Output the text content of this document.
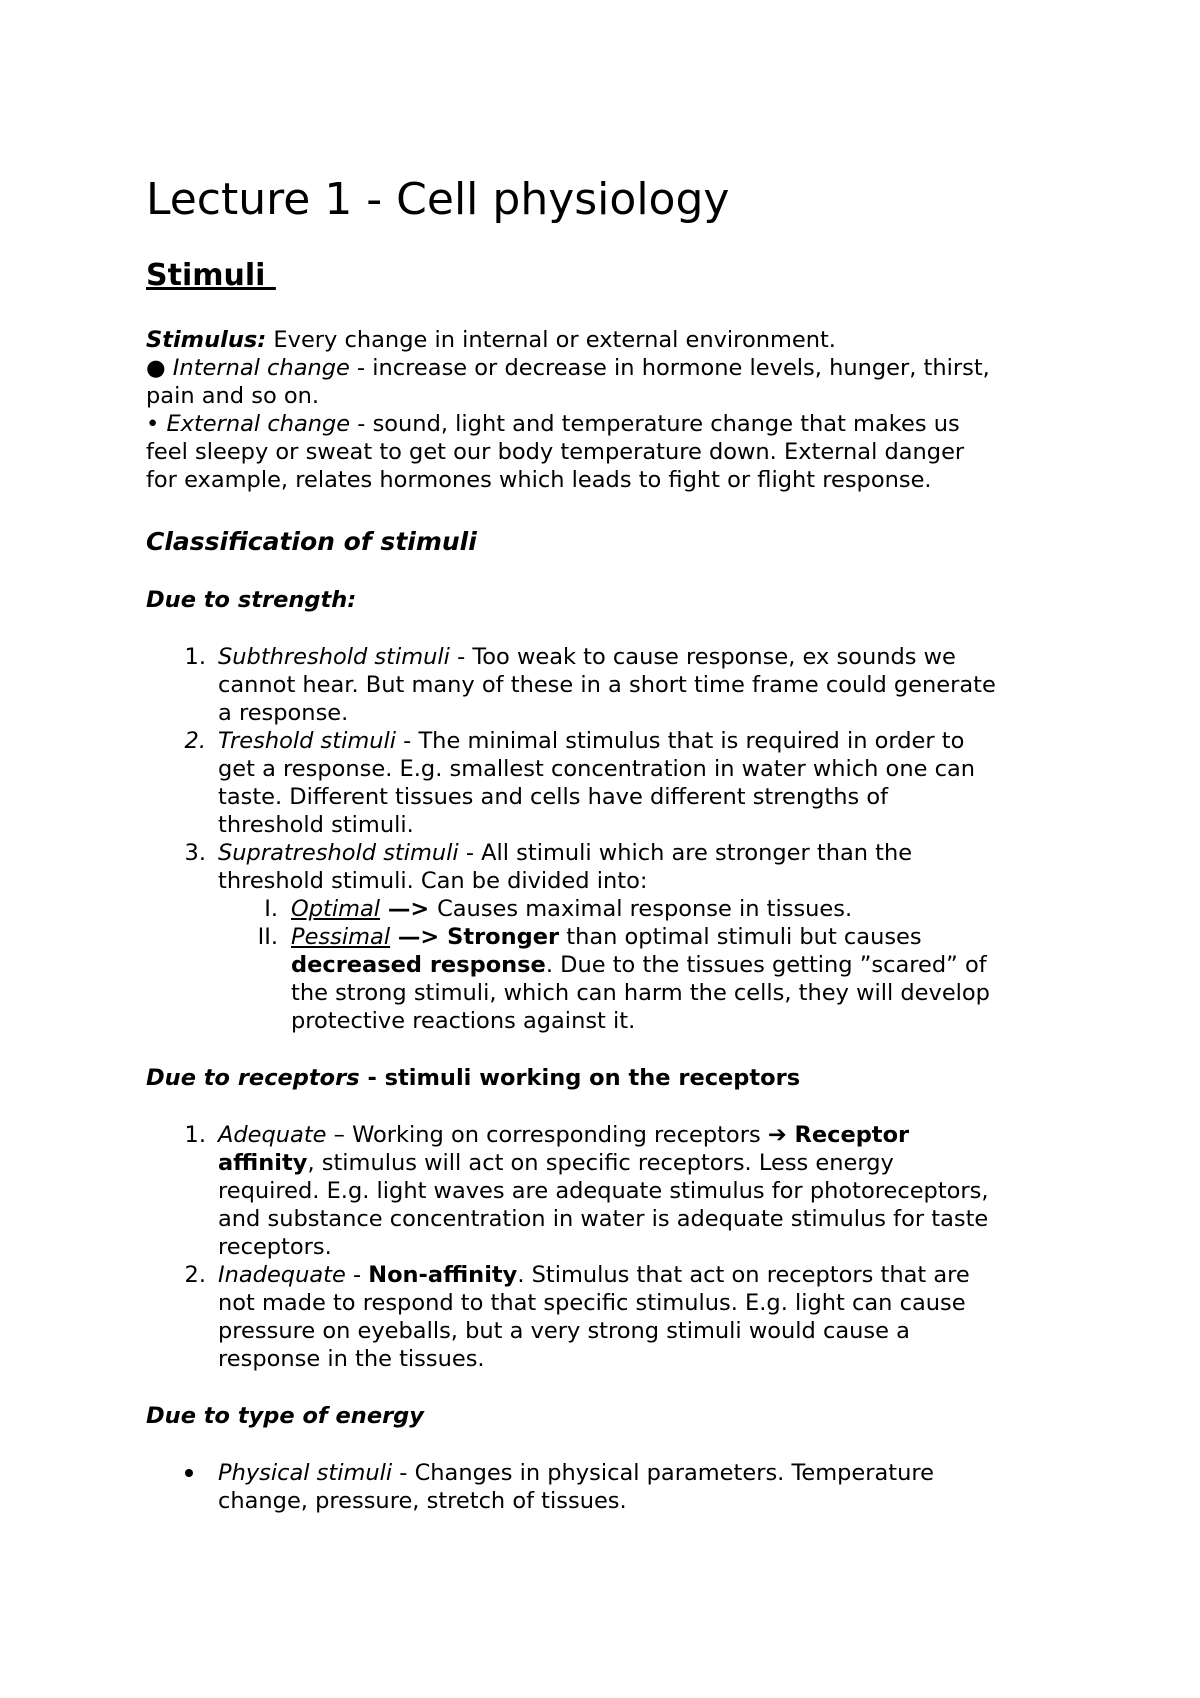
Lecture 1 - Cell physiology
Stimuli

Stimulus: Every change in internal or external environment.

● Internal change - increase or decrease in hormone levels, hunger, thirst,

pain and so on.

• External change - sound, light and temperature change that makes us

feel sleepy or sweat to get our body temperature down. External danger

for example, relates hormones which leads to fight or flight response.

Classification of stimuli

Due to strength:

1. Subthreshold stimuli - Too weak to cause response, ex sounds we

cannot hear. But many of these in a short time frame could generate

a response.

2. Treshold stimuli - The minimal stimulus that is required in order to

get a response. E.g. smallest concentration in water which one can

taste. Different tissues and cells have different strengths of

threshold stimuli.

3. Supratreshold stimuli - All stimuli which are stronger than the

threshold stimuli. Can be divided into:

I. Optimal —> Causes maximal response in tissues.

II. Pessimal —> Stronger than optimal stimuli but causes

decreased response. Due to the tissues getting ”scared” of

the strong stimuli, which can harm the cells, they will develop

protective reactions against it.

Due to receptors - stimuli working on the receptors

1. Adequate – Working on corresponding receptors ➔ Receptor

affinity, stimulus will act on specific receptors. Less energy

required. E.g. light waves are adequate stimulus for photoreceptors,

and substance concentration in water is adequate stimulus for taste

receptors.

2. Inadequate - Non-affinity. Stimulus that act on receptors that are

not made to respond to that specific stimulus. E.g. light can cause

pressure on eyeballs, but a very strong stimuli would cause a

response in the tissues.

Due to type of energy

Physical stimuli - Changes in physical parameters. Temperature

change, pressure, stretch of tissues.
